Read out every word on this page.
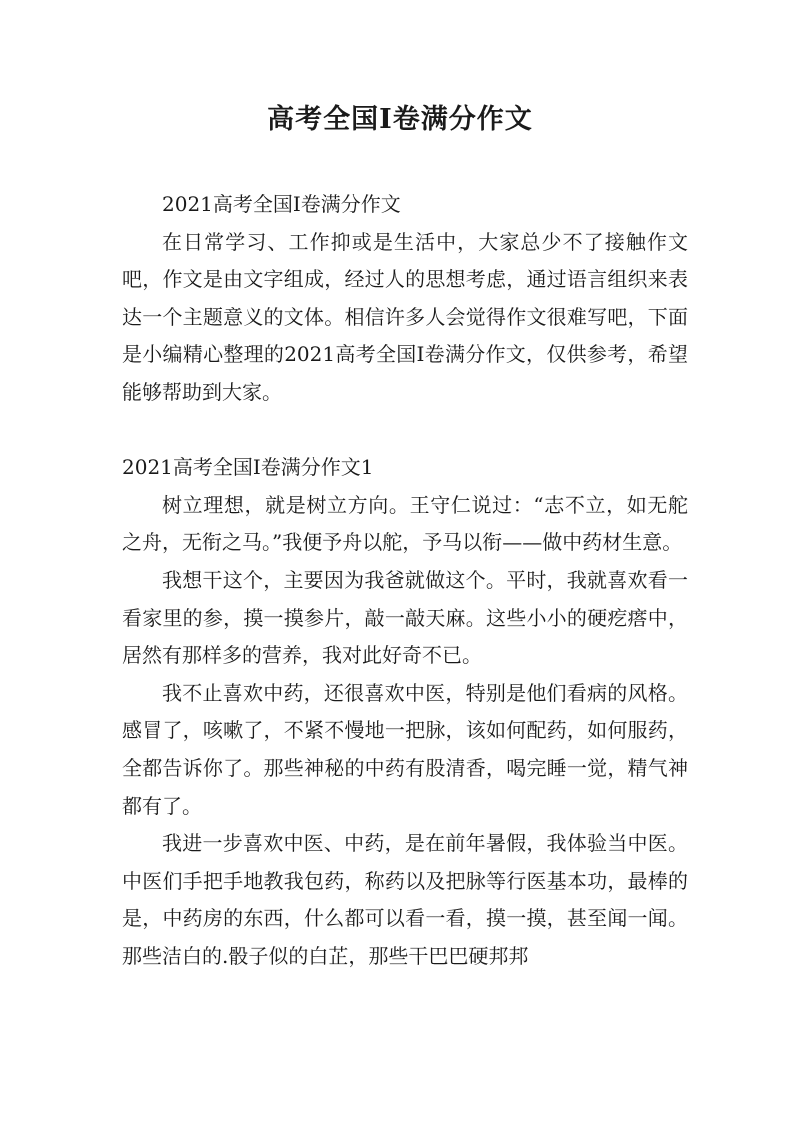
高考全国Ⅰ卷满分作文

2021高考全国Ⅰ卷满分作文

在日常学习、工作抑或是生活中，大家总少不了接触作文吧，作文是由文字组成，经过人的思想考虑，通过语言组织来表达一个主题意义的文体。相信许多人会觉得作文很难写吧，下面是小编精心整理的2021高考全国Ⅰ卷满分作文，仅供参考，希望能够帮助到大家。

2021高考全国Ⅰ卷满分作文1

树立理想，就是树立方向。王守仁说过：“志不立，如无舵之舟，无衔之马。”我便予舟以舵，予马以衔——做中药材生意。

我想干这个，主要因为我爸就做这个。平时，我就喜欢看一看家里的参，摸一摸参片，敲一敲天麻。这些小小的硬疙瘩中，居然有那样多的营养，我对此好奇不已。

我不止喜欢中药，还很喜欢中医，特别是他们看病的风格。感冒了，咳嗽了，不紧不慢地一把脉，该如何配药，如何服药，全都告诉你了。那些神秘的中药有股清香，喝完睡一觉，精气神都有了。

我进一步喜欢中医、中药，是在前年暑假，我体验当中医。中医们手把手地教我包药，称药以及把脉等行医基本功，最棒的是，中药房的东西，什么都可以看一看，摸一摸，甚至闻一闻。那些洁白的.骰子似的白芷，那些干巴巴硬邦邦
